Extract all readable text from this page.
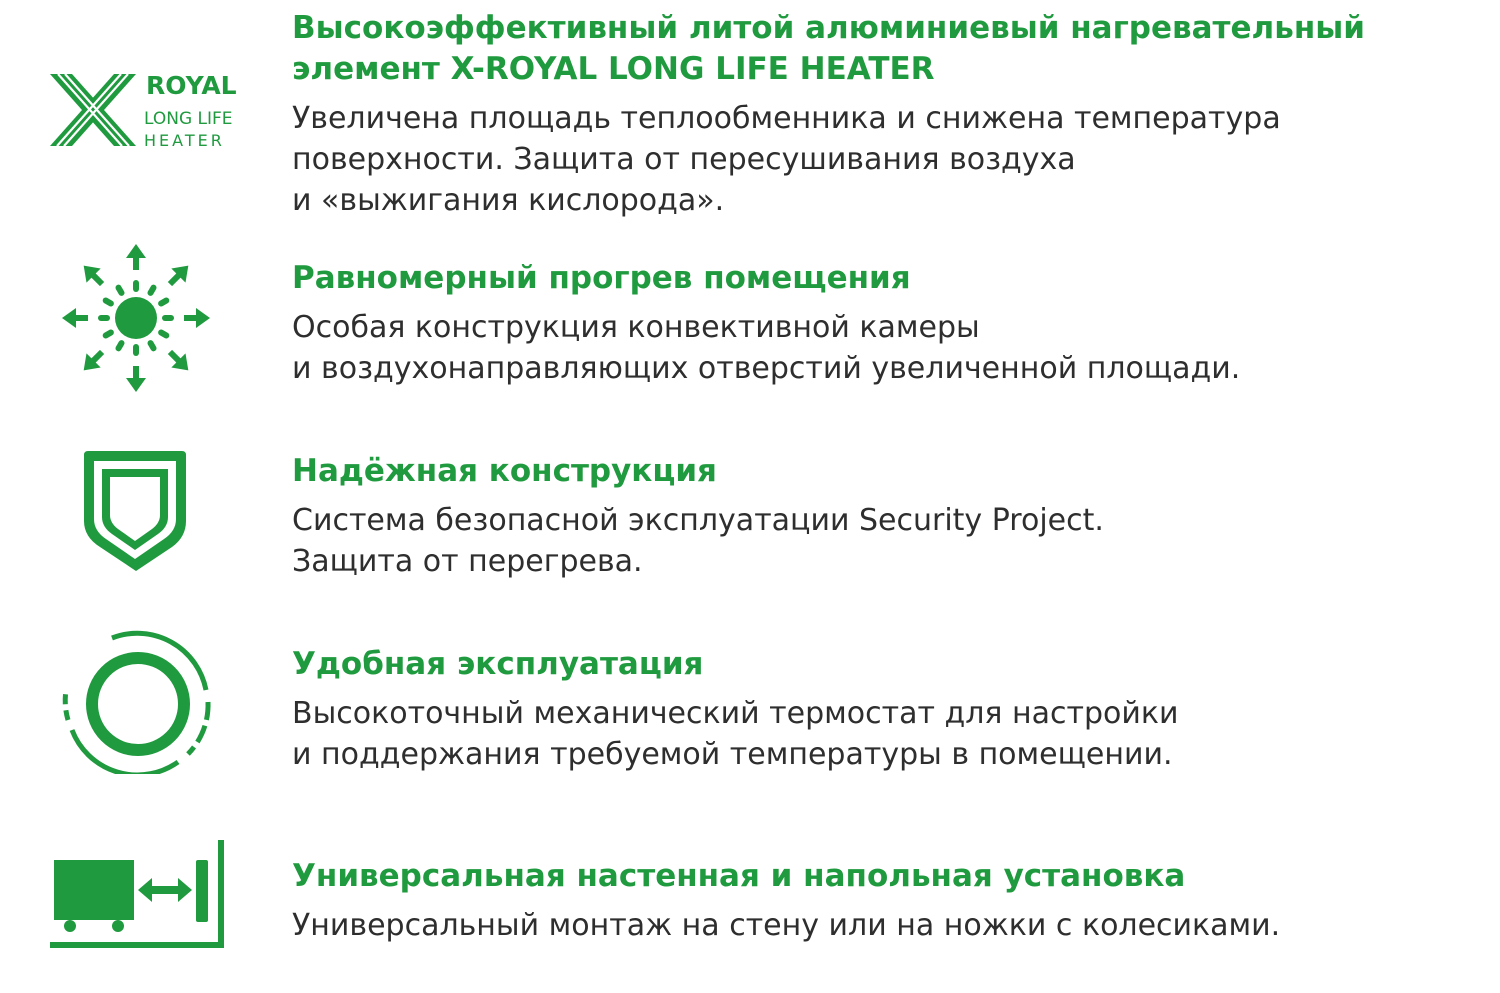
ROYAL
LONG LIFE
HEATER

Высокоэффективный литой алюминиевый нагревательный
элемент X-ROYAL LONG LIFE HEATER

Увеличена площадь теплообменника и снижена температура
поверхности. Защита от пересушивания воздуха
и «выжигания кислорода».

Равномерный прогрев помещения

Особая конструкция конвективной камеры
и воздухонаправляющих отверстий увеличенной площади.

Надёжная конструкция

Система безопасной эксплуатации Security Project.
Защита от перегрева.

Удобная эксплуатация

Высокоточный механический термостат для настройки
и поддержания требуемой температуры в помещении.

Универсальная настенная и напольная установка

Универсальный монтаж на стену или на ножки с колесиками.
